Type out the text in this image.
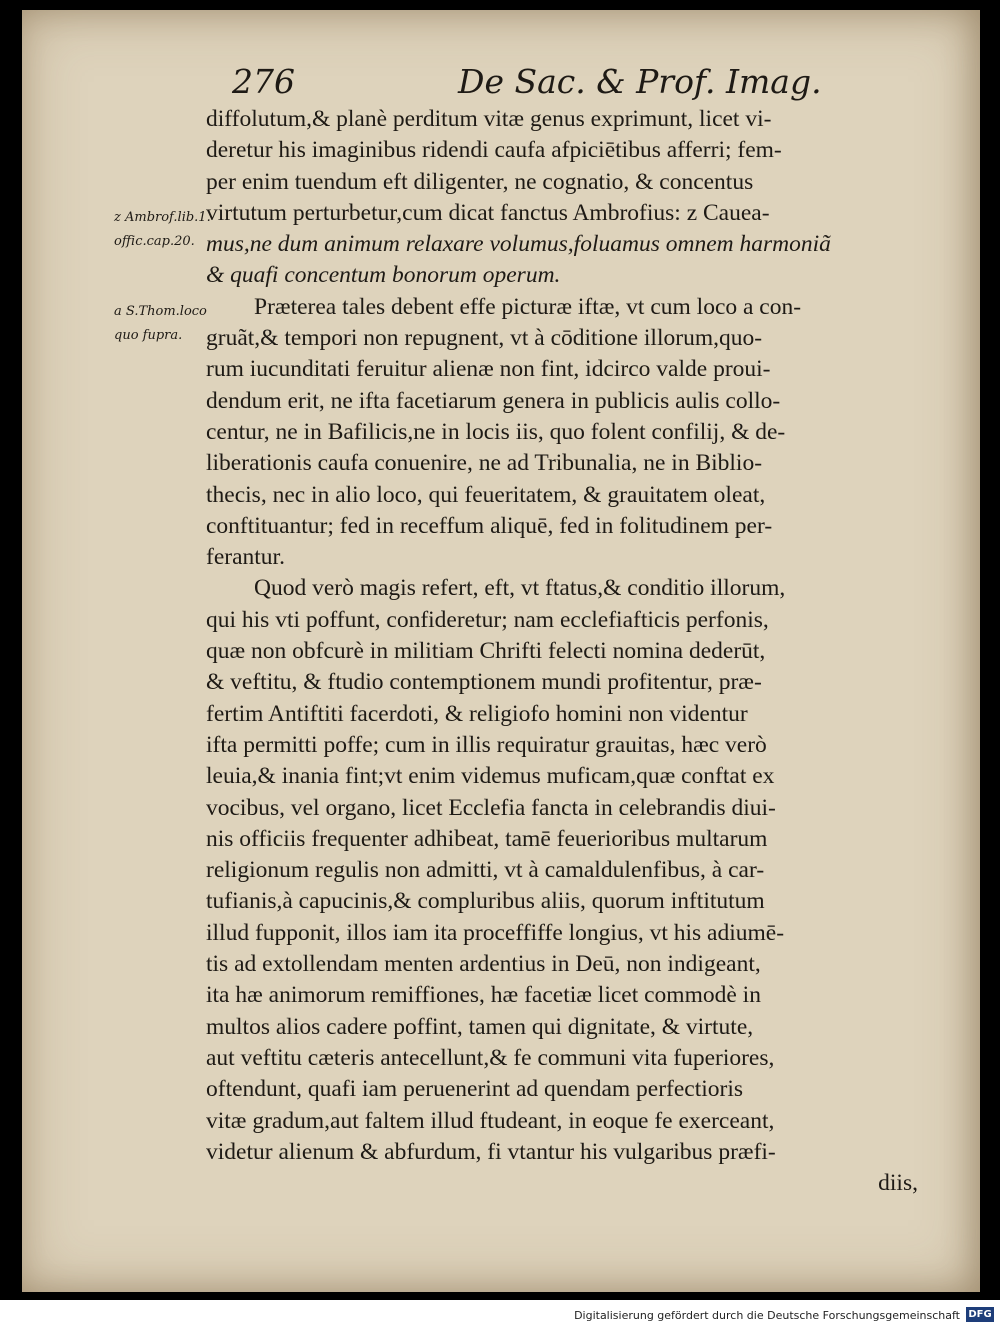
276	De Sac. & Prof. Imag.
z Ambrof.lib.1.
offic.cap.20.
a S.Thom.loco
quo fupra.
diffolutum,& planè perditum vitæ genus exprimunt, licet vi-
deretur his imaginibus ridendi caufa afpiciētibus afferri; fem-
per enim tuendum eft diligenter, ne cognatio, & concentus
virtutum perturbetur,cum dicat fanctus Ambrofius: z Cauea-
mus,ne dum animum relaxare volumus,foluamus omnem harmoniã
& quafi concentum bonorum operum.
Præterea tales debent effe picturæ iftæ, vt cum loco a con-
gruãt,& tempori non repugnent, vt à cōditione illorum,quo-
rum iucunditati feruitur alienæ non fint, idcirco valde proui-
dendum erit, ne ifta facetiarum genera in publicis aulis collo-
centur, ne in Bafilicis,ne in locis iis, quo folent confilij, & de-
liberationis caufa conuenire, ne ad Tribunalia, ne in Biblio-
thecis, nec in alio loco, qui feueritatem, & grauitatem oleat,
conftituantur; fed in receffum aliquē, fed in folitudinem per-
ferantur.
Quod verò magis refert, eft, vt ftatus,& conditio illorum,
qui his vti poffunt, confideretur; nam ecclefiafticis perfonis,
quæ non obfcurè in militiam Chrifti felecti nomina dederūt,
& veftitu, & ftudio contemptionem mundi profitentur, præ-
fertim Antiftiti facerdoti, & religiofo homini non videntur
ifta permitti poffe; cum in illis requiratur grauitas, hæc verò
leuia,& inania fint;vt enim videmus muficam,quæ conftat ex
vocibus, vel organo, licet Ecclefia fancta in celebrandis diui-
nis officiis frequenter adhibeat, tamē feuerioribus multarum
religionum regulis non admitti, vt à camaldulenfibus, à car-
tufianis,à capucinis,& compluribus aliis, quorum inftitutum
illud fupponit, illos iam ita proceffiffe longius, vt his adiumē-
tis ad extollendam menten ardentius in Deū, non indigeant,
ita hæ animorum remiffiones, hæ facetiæ licet commodè in
multos alios cadere poffint, tamen qui dignitate, & virtute,
aut veftitu cæteris antecellunt,& fe communi vita fuperiores,
oftendunt, quafi iam peruenerint ad quendam perfectioris
vitæ gradum,aut faltem illud ftudeant, in eoque fe exerceant,
videtur alienum & abfurdum, fi vtantur his vulgaribus præfi-
diis,
Digitalisierung gefördert durch die Deutsche Forschungsgemeinschaft DFG
